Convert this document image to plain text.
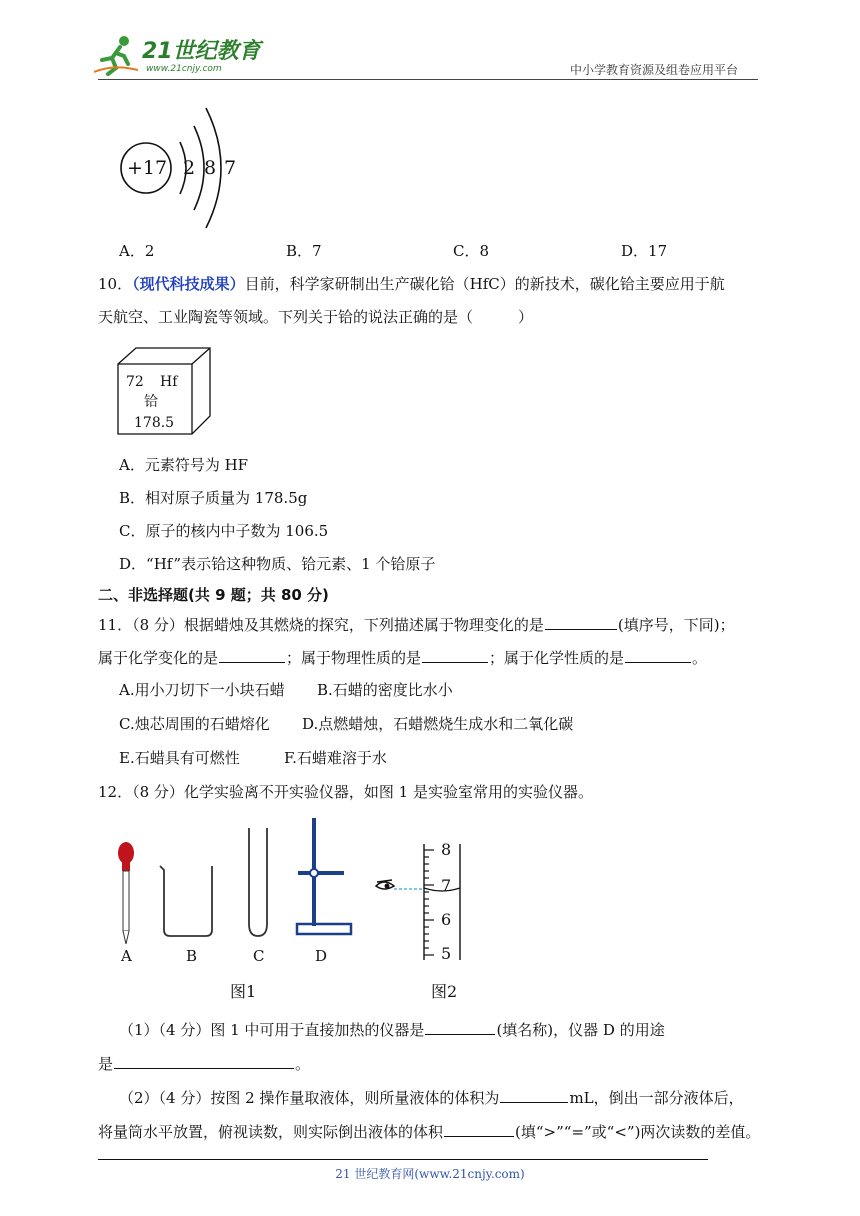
21世纪教育
www.21cnjy.com	中小学教育资源及组卷应用平台
+17 2 8 7
A．2	B．7	C．8	D．17
10．（现代科技成果）目前，科学家研制出生产碳化铪（HfC）的新技术，碳化铪主要应用于航
天航空、工业陶瓷等领域。下列关于铪的说法正确的是（　　　）
72 Hf
铪
178.5
A．元素符号为 HF
B．相对原子质量为 178.5g
C．原子的核内中子数为 106.5
D．“Hf”表示铪这种物质、铪元素、1 个铪原子
二、非选择题(共 9 题；共 80 分)
11．（8 分）根据蜡烛及其燃烧的探究，下列描述属于物理变化的是	(填序号，下同)；
属于化学变化的是	；属于物理性质的是	；属于化学性质的是	。
A.用小刀切下一小块石蜡 B.石蜡的密度比水小
C.烛芯周围的石蜡熔化 D.点燃蜡烛，石蜡燃烧生成水和二氧化碳
E.石蜡具有可燃性	F.石蜡难溶于水
12．（8 分）化学实验离不开实验仪器，如图 1 是实验室常用的实验仪器。
A	B	C	D
图1
8
7
6
5
图2
（1）（4 分）图 1 中可用于直接加热的仪器是	(填名称)，仪器 D 的用途
是	。
（2）（4 分）按图 2 操作量取液体，则所量液体的体积为	mL，倒出一部分液体后，
将量筒水平放置，俯视读数，则实际倒出液体的体积	(填“>”“=”或“<”)两次读数的差值。
21 世纪教育网(www.21cnjy.com)
